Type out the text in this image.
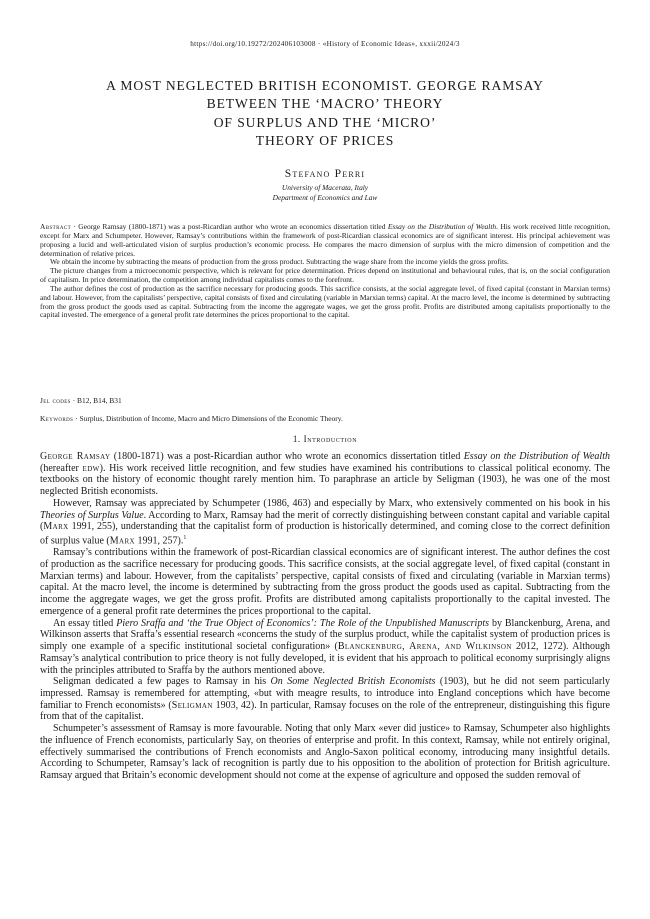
https://doi.org/10.19272/202406103008 · «History of Economic Ideas», xxxii/2024/3
A MOST NEGLECTED BRITISH ECONOMIST. GEORGE RAMSAY
BETWEEN THE ‘MACRO’ THEORY
OF SURPLUS AND THE ‘MICRO’
THEORY OF PRICES
Stefano Perri
University of Macerata, Italy
Department of Economics and Law

Abstract · George Ramsay (1800-1871) was a post-Ricardian author who wrote an economics dissertation titled Essay on the Distribution of Wealth. His work received little recognition, except for Marx and Schumpeter. However, Ramsay’s contributions within the framework of post-Ricardian classical economics are of significant interest. His principal achievement was proposing a lucid and well-articulated vision of surplus production’s economic process. He compares the macro dimension of surplus with the micro dimension of competition and the determination of relative prices.

We obtain the income by subtracting the means of production from the gross product. Subtracting the wage share from the income yields the gross profits.

The picture changes from a microeconomic perspective, which is relevant for price determination. Prices depend on institutional and behavioural rules, that is, on the social configuration of capitalism. In price determination, the competition among individual capitalists comes to the forefront.

The author defines the cost of production as the sacrifice necessary for producing goods. This sacrifice consists, at the social aggregate level, of fixed capital (constant in Marxian terms) and labour. However, from the capitalists’ perspective, capital consists of fixed and circulating (variable in Marxian terms) capital. At the macro level, the income is determined by subtracting from the gross product the goods used as capital. Subtracting from the income the aggregate wages, we get the gross profit. Profits are distributed among capitalists proportionally to the capital invested. The emergence of a general profit rate determines the prices proportional to the capital.

Jel codes · B12, B14, B31
Keywords · Surplus, Distribution of Income, Macro and Micro Dimensions of the Economic Theory.
1. Introduction

George Ramsay (1800-1871) was a post-Ricardian author who wrote an economics dissertation titled Essay on the Distribution of Wealth (hereafter edw). His work received little recognition, and few studies have examined his contributions to classical political economy. The textbooks on the history of economic thought rarely mention him. To paraphrase an article by Seligman (1903), he was one of the most neglected British economists.

However, Ramsay was appreciated by Schumpeter (1986, 463) and especially by Marx, who extensively commented on his book in his Theories of Surplus Value. According to Marx, Ramsay had the merit of correctly distinguishing between constant capital and variable capital (Marx 1991, 255), understanding that the capitalist form of production is historically determined, and coming close to the correct definition of surplus value (Marx 1991, 257).$^1$

Ramsay’s contributions within the framework of post-Ricardian classical economics are of significant interest. The author defines the cost of production as the sacrifice necessary for producing goods. This sacrifice consists, at the social aggregate level, of fixed capital (constant in Marxian terms) and labour. However, from the capitalists’ perspective, capital consists of fixed and circulating (variable in Marxian terms) capital. At the macro level, the income is determined by subtracting from the gross product the goods used as capital. Subtracting from the income the aggregate wages, we get the gross profit. Profits are distributed among capitalists proportionally to the capital invested. The emergence of a general profit rate determines the prices proportional to the capital.

An essay titled Piero Sraffa and ‘the True Object of Economics’: The Role of the Unpublished Manuscripts by Blanckenburg, Arena, and Wilkinson asserts that Sraffa’s essential research «concerns the study of the surplus product, while the capitalist system of production prices is simply one example of a specific institutional societal configuration» (Blanckenburg, Arena, and Wilkinson 2012, 1272). Although Ramsay’s analytical contribution to price theory is not fully developed, it is evident that his approach to political economy surprisingly aligns with the principles attributed to Sraffa by the authors mentioned above.

Seligman dedicated a few pages to Ramsay in his On Some Neglected British Economists (1903), but he did not seem particularly impressed. Ramsay is remembered for attempting, «but with meagre results, to introduce into England conceptions which have become familiar to French economists» (Seligman 1903, 42). In particular, Ramsay focuses on the role of the entrepreneur, distinguishing this figure from that of the capitalist.

Schumpeter’s assessment of Ramsay is more favourable. Noting that only Marx «ever did justice» to Ramsay, Schumpeter also highlights the influence of French economists, particularly Say, on theories of enterprise and profit. In this context, Ramsay, while not entirely original, effectively summarised the contributions of French economists and Anglo-Saxon political economy, introducing many insightful details. According to Schumpeter, Ramsay’s lack of recognition is partly due to his opposition to the abolition of protection for British agriculture. Ramsay argued that Britain’s economic development should not come at the expense of agriculture and opposed the sudden removal of
